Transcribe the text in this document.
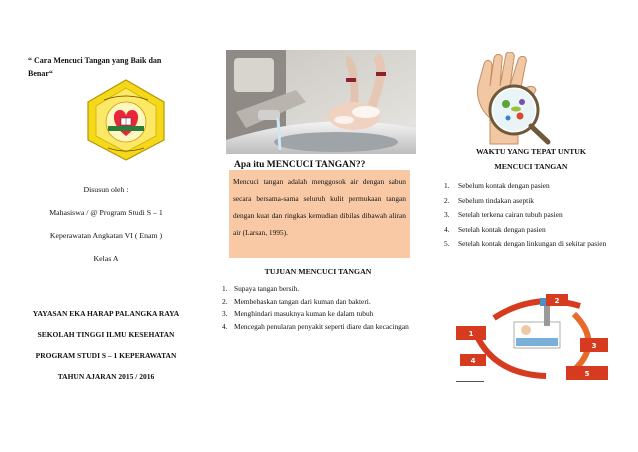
“ Cara Mencuci Tangan yang Baik dan Benar“
Disusun oleh :
Mahasiswa / @ Program Studi S – 1
Keperawatan Angkatan VI ( Enam )
Kelas A
YAYASAN EKA HARAP PALANGKA RAYA
SEKOLAH TINGGI ILMU KESEHATAN
PROGRAM STUDI S – 1 KEPERAWATAN
TAHUN AJARAN 2015 / 2016
Apa itu MENCUCI TANGAN??

Mencuci tangan adalah menggosok air dengan sabun secara bersama-sama seluruh kulit permukaan tangan dengan kuat dan ringkas kemudian dibilas dibawah aliran air (Larsan, 1995).

TUJUAN MENCUCI TANGAN
1. Supaya tangan bersih.
2. Membebaskan tangan dari kuman dan bakteri.
3. Menghindari masuknya kuman ke dalam tubuh
4. Mencegah penularan penyakit seperti diare dan kecacingan
WAKTU YANG TEPAT UNTUK
MENCUCI TANGAN
1.	Sebelum kontak dengan pasien
2.	Sebelum tindakan aseptik
3.	Setelah terkena cairan tubuh pasien
4.	Setelah kontak dengan pasien
5.	Setelah kontak dengan linkungan di sekitar pasien
1
2
3
4
5
